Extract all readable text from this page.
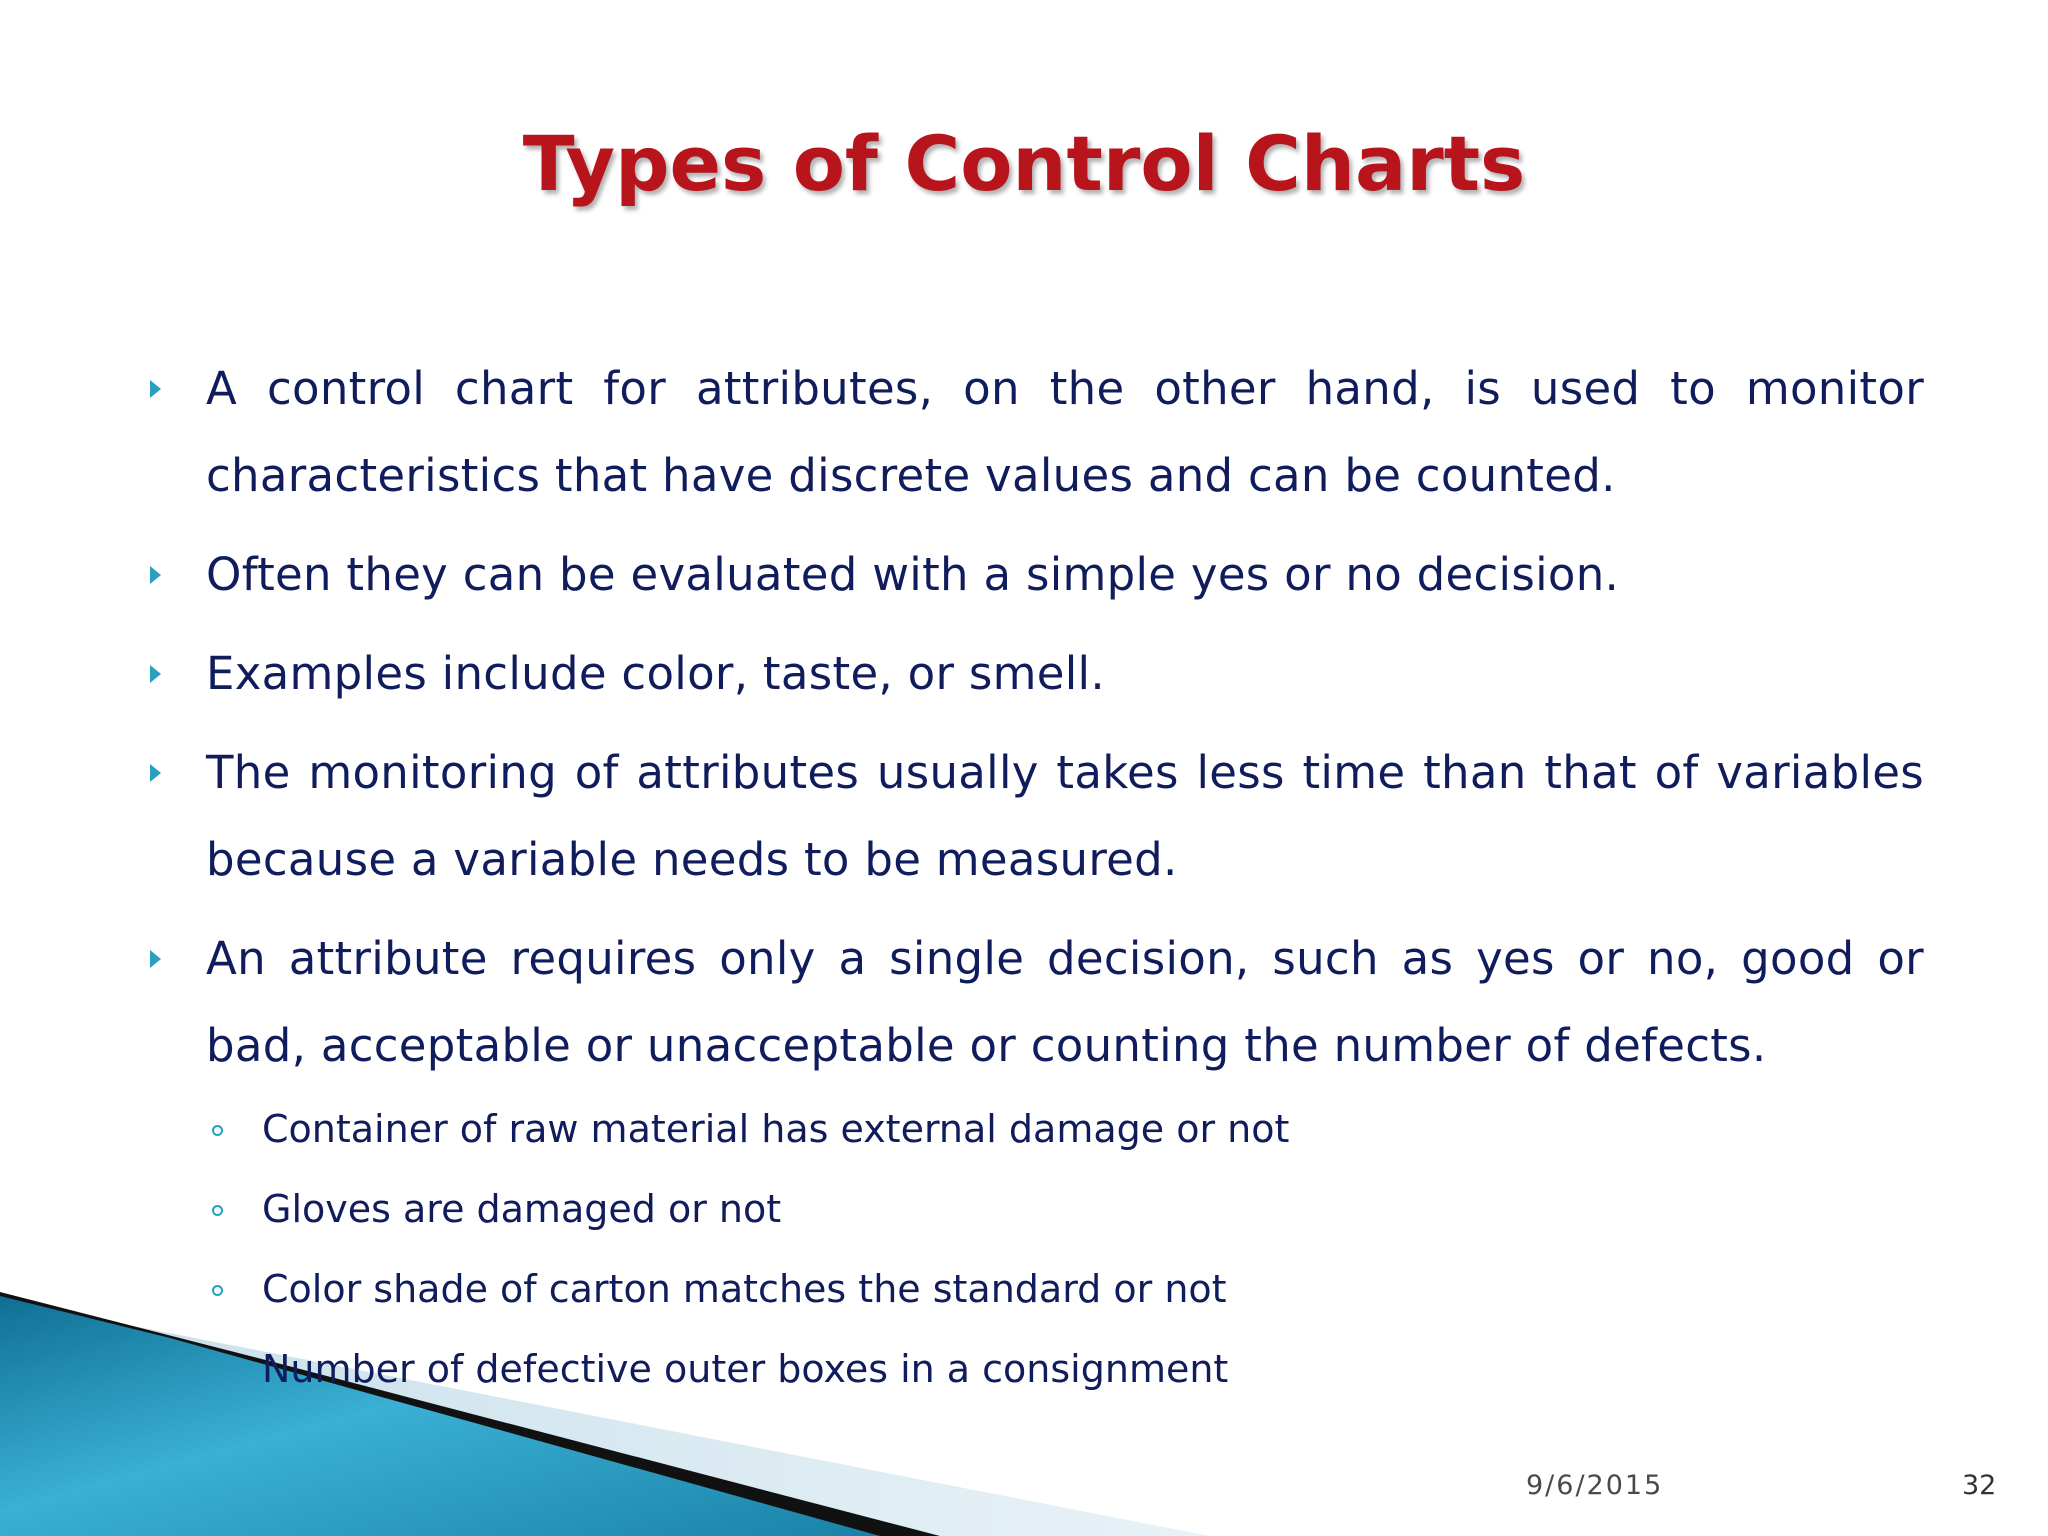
Types of Control Charts

A control chart for attributes, on the other hand, is used to monitor characteristics that have discrete values and can be counted.

Often they can be evaluated with a simple yes or no decision.

Examples include color, taste, or smell.

The monitoring of attributes usually takes less time than that of variables because a variable needs to be measured.

An attribute requires only a single decision, such as yes or no, good or bad, acceptable or unacceptable or counting the number of defects.

Container of raw material has external damage or not

Gloves are damaged or not

Color shade of carton matches the standard or not

Number of defective outer boxes in a consignment

9/6/2015	32
